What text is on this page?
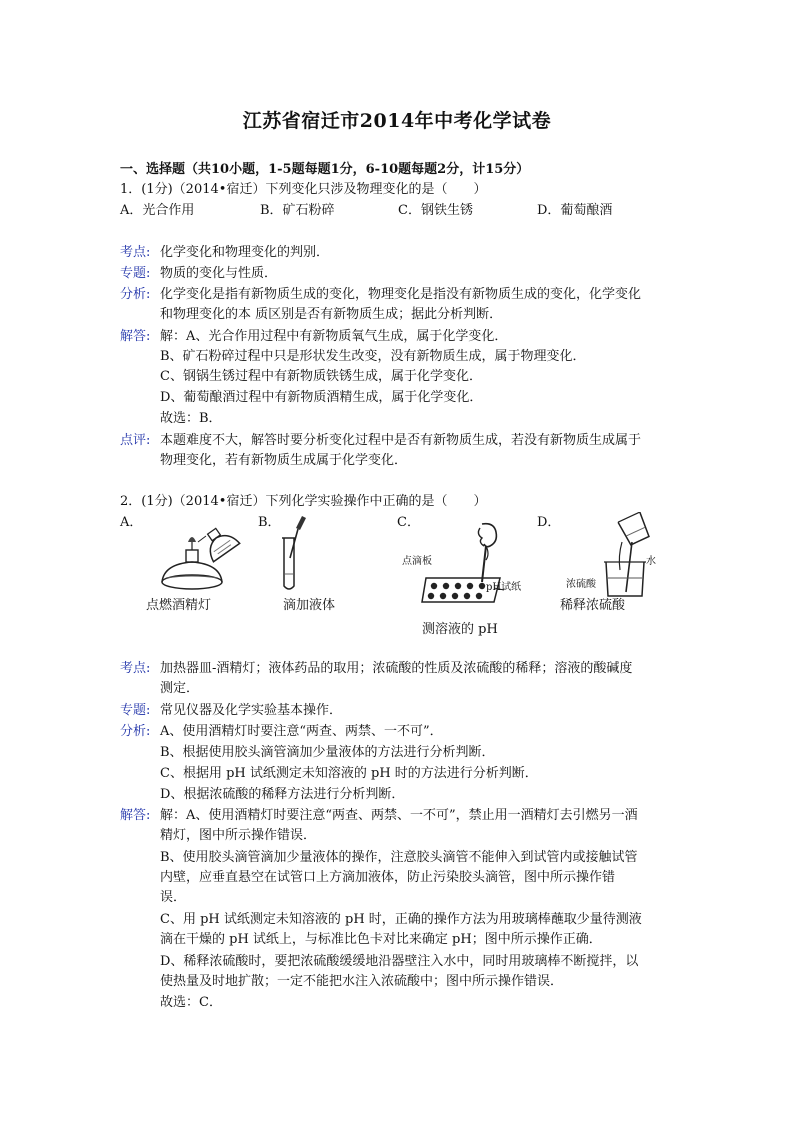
江苏省宿迁市2014年中考化学试卷
一、选择题（共10小题，1-5题每题1分，6-10题每题2分，计15分）
1．(1分)（2014•宿迁）下列变化只涉及物理变化的是（　　）
A．光合作用	B．矿石粉碎	C．钢铁生锈	D．葡萄酿酒
考点: 化学变化和物理变化的判别．
专题: 物质的变化与性质．
分析: 化学变化是指有新物质生成的变化，物理变化是指没有新物质生成的变化，化学变化
和物理变化的本 质区别是否有新物质生成；据此分析判断．
解答: 解：A、光合作用过程中有新物质氧气生成，属于化学变化．
B、矿石粉碎过程中只是形状发生改变，没有新物质生成，属于物理变化．
C、钢锅生锈过程中有新物质铁锈生成，属于化学变化．
D、葡萄酿酒过程中有新物质酒精生成，属于化学变化．
故选：B．
点评: 本题难度不大，解答时要分析变化过程中是否有新物质生成，若没有新物质生成属于
物理变化，若有新物质生成属于化学变化．
2．(1分)（2014•宿迁）下列化学实验操作中正确的是（　　）
A．	B．	C．	D．
点燃酒精灯	滴加液体
点滴板
pH试纸
测溶液的 pH
浓硫酸
水
稀释浓硫酸
考点: 加热器皿-酒精灯；液体药品的取用；浓硫酸的性质及浓硫酸的稀释；溶液的酸碱度
测定．
专题: 常见仪器及化学实验基本操作．
分析: A、使用酒精灯时要注意“两查、两禁、一不可”．
B、根据使用胶头滴管滴加少量液体的方法进行分析判断．
C、根据用 pH 试纸测定未知溶液的 pH 时的方法进行分析判断．
D、根据浓硫酸的稀释方法进行分析判断．
解答: 解：A、使用酒精灯时要注意“两查、两禁、一不可”，禁止用一酒精灯去引燃另一酒
精灯，图中所示操作错误．
B、使用胶头滴管滴加少量液体的操作，注意胶头滴管不能伸入到试管内或接触试管
内壁，应垂直悬空在试管口上方滴加液体，防止污染胶头滴管，图中所示操作错
误．
C、用 pH 试纸测定未知溶液的 pH 时，正确的操作方法为用玻璃棒蘸取少量待测液
滴在干燥的 pH 试纸上，与标准比色卡对比来确定 pH；图中所示操作正确．
D、稀释浓硫酸时，要把浓硫酸缓缓地沿器壁注入水中，同时用玻璃棒不断搅拌，以
使热量及时地扩散；一定不能把水注入浓硫酸中；图中所示操作错误．
故选：C．
